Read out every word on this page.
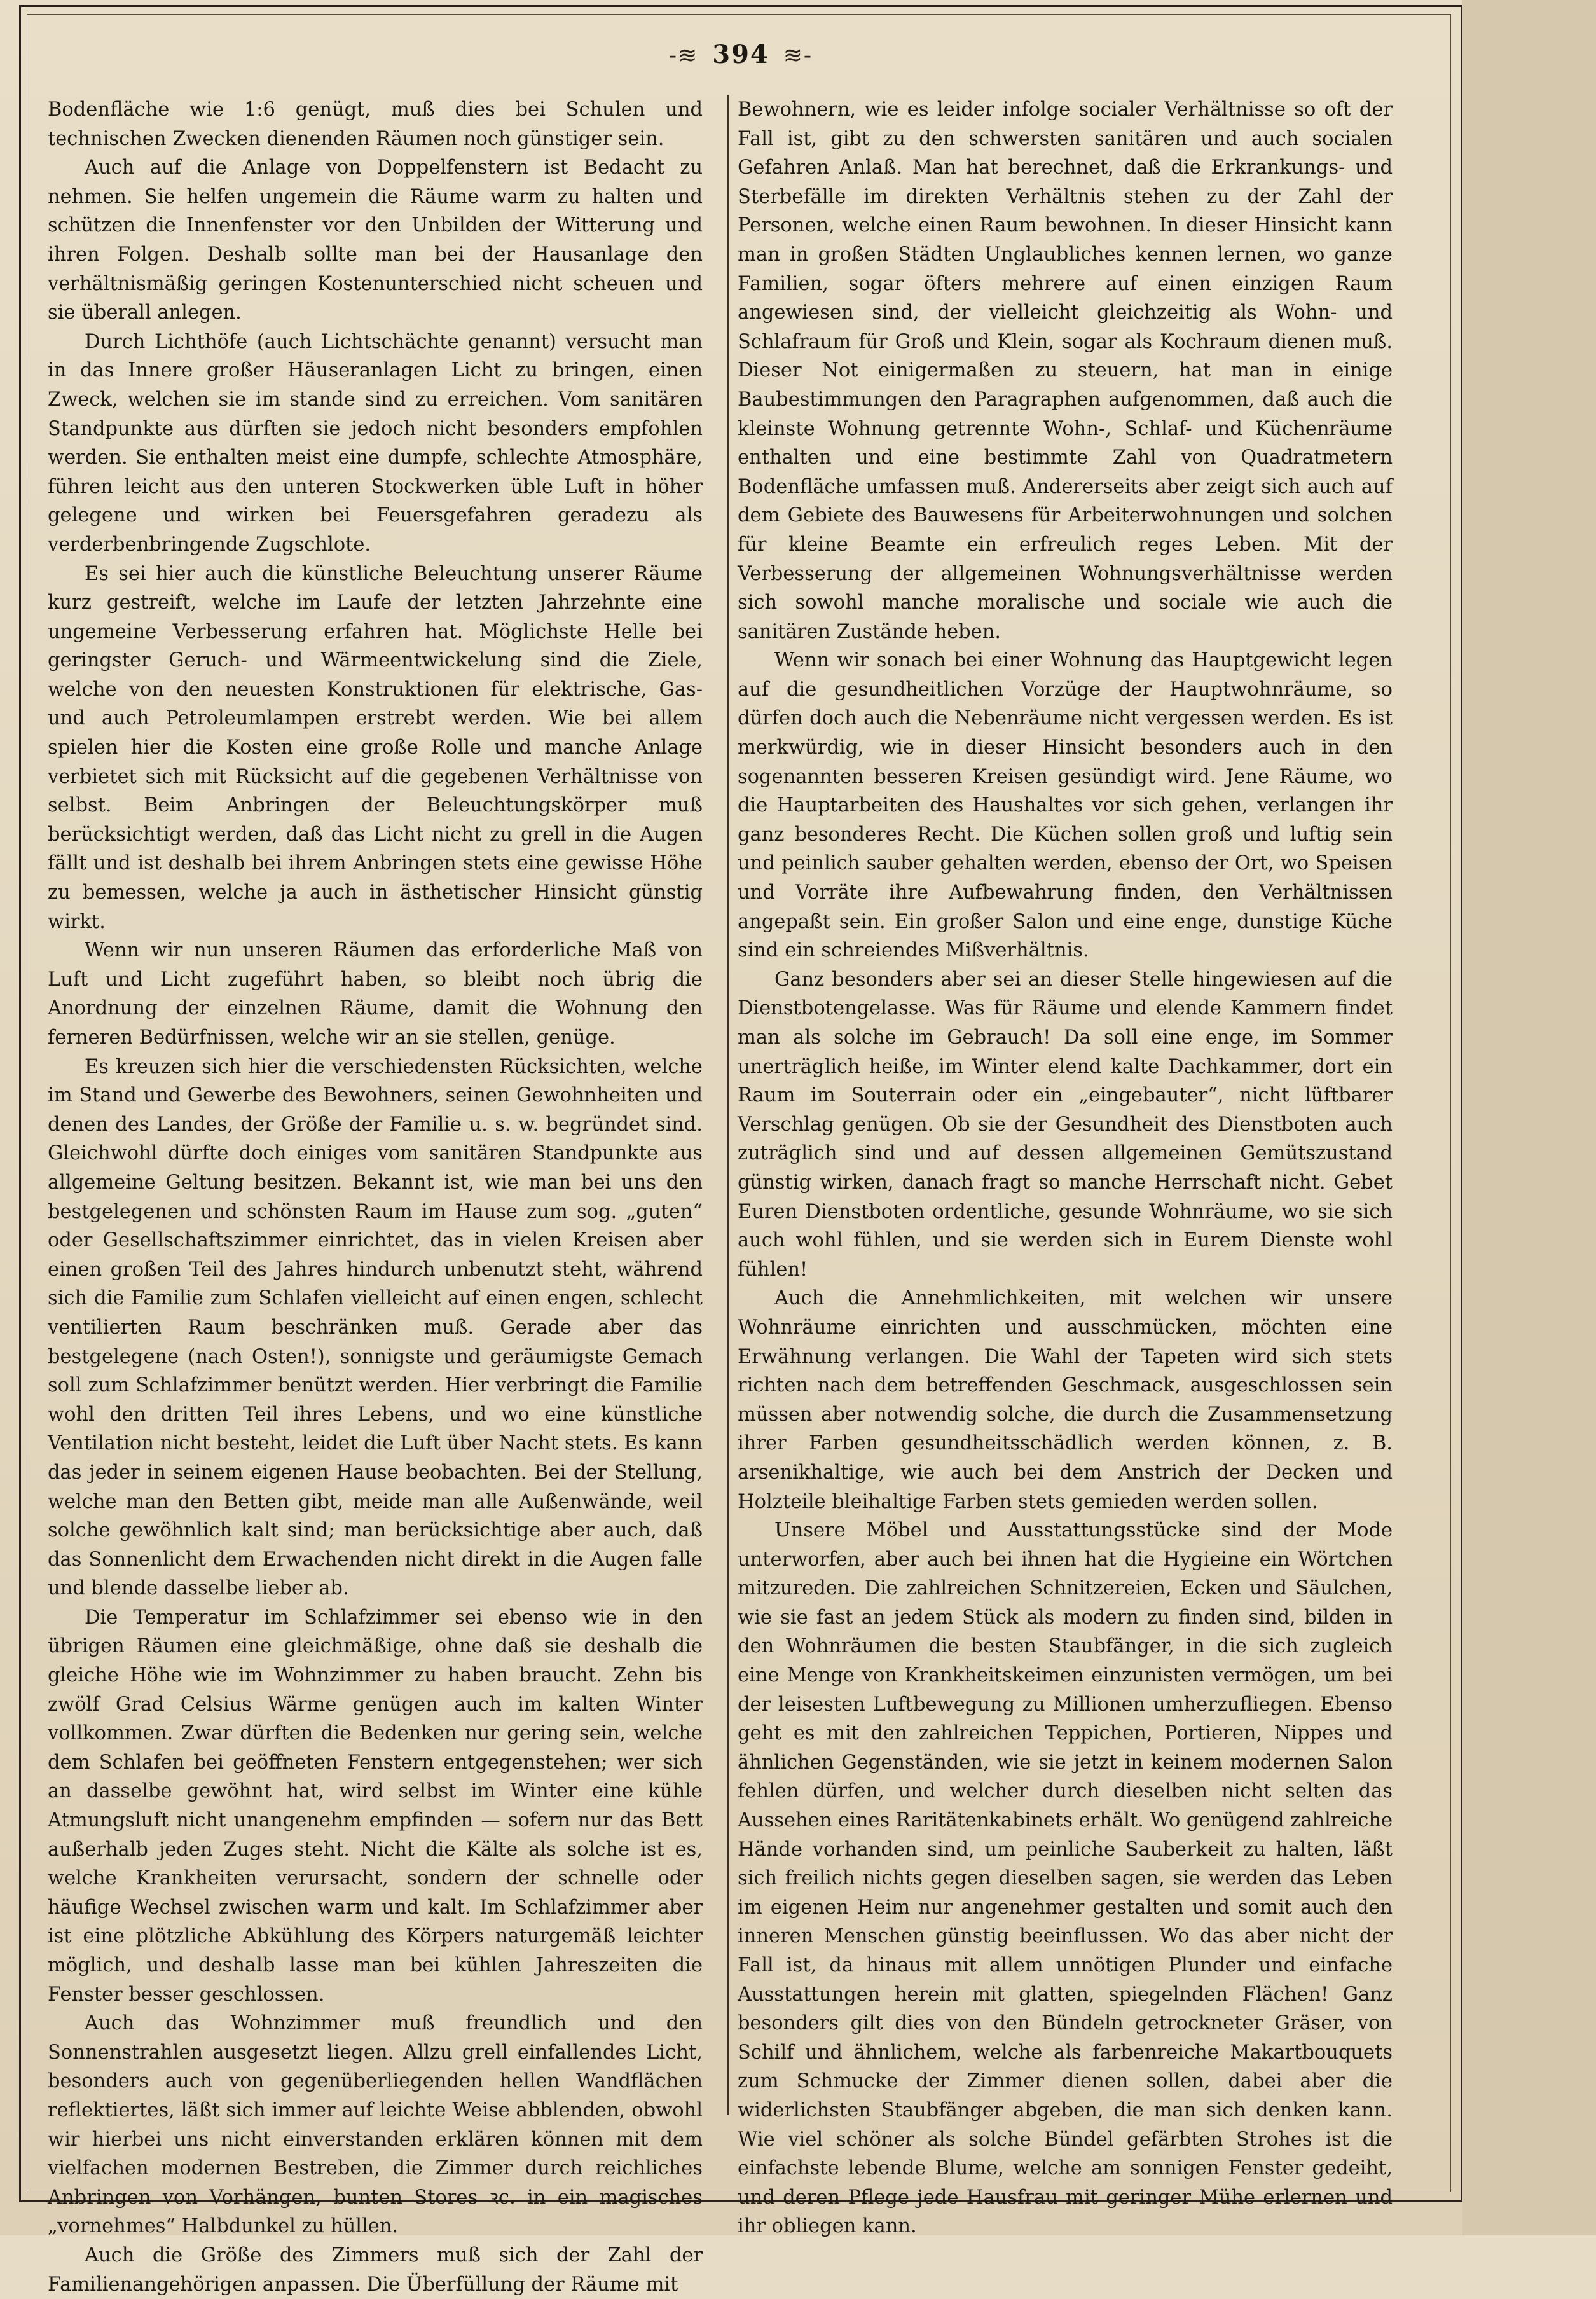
-≋ 394 ≋-

Bodenfläche wie 1:6 genügt, muß dies bei Schulen und technischen Zwecken dienenden Räumen noch günstiger sein.

Auch auf die Anlage von Doppelfenstern ist Bedacht zu nehmen. Sie helfen ungemein die Räume warm zu halten und schützen die Innenfenster vor den Unbilden der Witterung und ihren Folgen. Deshalb sollte man bei der Hausanlage den verhältnismäßig geringen Kostenunterschied nicht scheuen und sie überall anlegen.

Durch Lichthöfe (auch Lichtschächte genannt) versucht man in das Innere großer Häuseranlagen Licht zu bringen, einen Zweck, welchen sie im stande sind zu erreichen. Vom sanitären Standpunkte aus dürften sie jedoch nicht besonders empfohlen werden. Sie enthalten meist eine dumpfe, schlechte Atmosphäre, führen leicht aus den unteren Stockwerken üble Luft in höher gelegene und wirken bei Feuersgefahren geradezu als verderbenbringende Zugschlote.

Es sei hier auch die künstliche Beleuchtung unserer Räume kurz gestreift, welche im Laufe der letzten Jahrzehnte eine ungemeine Verbesserung erfahren hat. Möglichste Helle bei geringster Geruch- und Wärmeentwickelung sind die Ziele, welche von den neuesten Konstruktionen für elektrische, Gas- und auch Petroleumlampen erstrebt werden. Wie bei allem spielen hier die Kosten eine große Rolle und manche Anlage verbietet sich mit Rücksicht auf die gegebenen Verhältnisse von selbst. Beim Anbringen der Beleuchtungskörper muß berücksichtigt werden, daß das Licht nicht zu grell in die Augen fällt und ist deshalb bei ihrem Anbringen stets eine gewisse Höhe zu bemessen, welche ja auch in ästhetischer Hinsicht günstig wirkt.

Wenn wir nun unseren Räumen das erforderliche Maß von Luft und Licht zugeführt haben, so bleibt noch übrig die Anordnung der einzelnen Räume, damit die Wohnung den ferneren Bedürfnissen, welche wir an sie stellen, genüge.

Es kreuzen sich hier die verschiedensten Rücksichten, welche im Stand und Gewerbe des Bewohners, seinen Gewohnheiten und denen des Landes, der Größe der Familie u. s. w. begründet sind. Gleichwohl dürfte doch einiges vom sanitären Standpunkte aus allgemeine Geltung besitzen. Bekannt ist, wie man bei uns den bestgelegenen und schönsten Raum im Hause zum sog. „guten“ oder Gesellschaftszimmer einrichtet, das in vielen Kreisen aber einen großen Teil des Jahres hindurch unbenutzt steht, während sich die Familie zum Schlafen vielleicht auf einen engen, schlecht ventilierten Raum beschränken muß. Gerade aber das bestgelegene (nach Osten!), sonnigste und geräumigste Gemach soll zum Schlafzimmer benützt werden. Hier verbringt die Familie wohl den dritten Teil ihres Lebens, und wo eine künstliche Ventilation nicht besteht, leidet die Luft über Nacht stets. Es kann das jeder in seinem eigenen Hause beobachten. Bei der Stellung, welche man den Betten gibt, meide man alle Außenwände, weil solche gewöhnlich kalt sind; man berücksichtige aber auch, daß das Sonnenlicht dem Erwachenden nicht direkt in die Augen falle und blende dasselbe lieber ab.

Die Temperatur im Schlafzimmer sei ebenso wie in den übrigen Räumen eine gleichmäßige, ohne daß sie deshalb die gleiche Höhe wie im Wohnzimmer zu haben braucht. Zehn bis zwölf Grad Celsius Wärme genügen auch im kalten Winter vollkommen. Zwar dürften die Bedenken nur gering sein, welche dem Schlafen bei geöffneten Fenstern entgegenstehen; wer sich an dasselbe gewöhnt hat, wird selbst im Winter eine kühle Atmungsluft nicht unangenehm empfinden — sofern nur das Bett außerhalb jeden Zuges steht. Nicht die Kälte als solche ist es, welche Krankheiten verursacht, sondern der schnelle oder häufige Wechsel zwischen warm und kalt. Im Schlafzimmer aber ist eine plötzliche Abkühlung des Körpers naturgemäß leichter möglich, und deshalb lasse man bei kühlen Jahreszeiten die Fenster besser geschlossen.

Auch das Wohnzimmer muß freundlich und den Sonnenstrahlen ausgesetzt liegen. Allzu grell einfallendes Licht, besonders auch von gegenüberliegenden hellen Wandflächen reflektiertes, läßt sich immer auf leichte Weise abblenden, obwohl wir hierbei uns nicht einverstanden erklären können mit dem vielfachen modernen Bestreben, die Zimmer durch reichliches Anbringen von Vorhängen, bunten Stores ꝛc. in ein magisches „vornehmes“ Halbdunkel zu hüllen.

Auch die Größe des Zimmers muß sich der Zahl der Familienangehörigen anpassen. Die Überfüllung der Räume mit

Bewohnern, wie es leider infolge socialer Verhältnisse so oft der Fall ist, gibt zu den schwersten sanitären und auch socialen Gefahren Anlaß. Man hat berechnet, daß die Erkrankungs- und Sterbefälle im direkten Verhältnis stehen zu der Zahl der Personen, welche einen Raum bewohnen. In dieser Hinsicht kann man in großen Städten Unglaubliches kennen lernen, wo ganze Familien, sogar öfters mehrere auf einen einzigen Raum angewiesen sind, der vielleicht gleichzeitig als Wohn- und Schlafraum für Groß und Klein, sogar als Kochraum dienen muß. Dieser Not einigermaßen zu steuern, hat man in einige Baubestimmungen den Paragraphen aufgenommen, daß auch die kleinste Wohnung getrennte Wohn-, Schlaf- und Küchenräume enthalten und eine bestimmte Zahl von Quadratmetern Bodenfläche umfassen muß. Andererseits aber zeigt sich auch auf dem Gebiete des Bauwesens für Arbeiterwohnungen und solchen für kleine Beamte ein erfreulich reges Leben. Mit der Verbesserung der allgemeinen Wohnungsverhältnisse werden sich sowohl manche moralische und sociale wie auch die sanitären Zustände heben.

Wenn wir sonach bei einer Wohnung das Hauptgewicht legen auf die gesundheitlichen Vorzüge der Hauptwohnräume, so dürfen doch auch die Nebenräume nicht vergessen werden. Es ist merkwürdig, wie in dieser Hinsicht besonders auch in den sogenannten besseren Kreisen gesündigt wird. Jene Räume, wo die Hauptarbeiten des Haushaltes vor sich gehen, verlangen ihr ganz besonderes Recht. Die Küchen sollen groß und luftig sein und peinlich sauber gehalten werden, ebenso der Ort, wo Speisen und Vorräte ihre Aufbewahrung finden, den Verhältnissen angepaßt sein. Ein großer Salon und eine enge, dunstige Küche sind ein schreiendes Mißverhältnis.

Ganz besonders aber sei an dieser Stelle hingewiesen auf die Dienstbotengelasse. Was für Räume und elende Kammern findet man als solche im Gebrauch! Da soll eine enge, im Sommer unerträglich heiße, im Winter elend kalte Dachkammer, dort ein Raum im Souterrain oder ein „eingebauter“, nicht lüftbarer Verschlag genügen. Ob sie der Gesundheit des Dienstboten auch zuträglich sind und auf dessen allgemeinen Gemütszustand günstig wirken, danach fragt so manche Herrschaft nicht. Gebet Euren Dienstboten ordentliche, gesunde Wohnräume, wo sie sich auch wohl fühlen, und sie werden sich in Eurem Dienste wohl fühlen!

Auch die Annehmlichkeiten, mit welchen wir unsere Wohnräume einrichten und ausschmücken, möchten eine Erwähnung verlangen. Die Wahl der Tapeten wird sich stets richten nach dem betreffenden Geschmack, ausgeschlossen sein müssen aber notwendig solche, die durch die Zusammensetzung ihrer Farben gesundheitsschädlich werden können, z. B. arsenikhaltige, wie auch bei dem Anstrich der Decken und Holzteile bleihaltige Farben stets gemieden werden sollen.

Unsere Möbel und Ausstattungsstücke sind der Mode unterworfen, aber auch bei ihnen hat die Hygieine ein Wörtchen mitzureden. Die zahlreichen Schnitzereien, Ecken und Säulchen, wie sie fast an jedem Stück als modern zu finden sind, bilden in den Wohnräumen die besten Staubfänger, in die sich zugleich eine Menge von Krankheitskeimen einzunisten vermögen, um bei der leisesten Luftbewegung zu Millionen umherzufliegen. Ebenso geht es mit den zahlreichen Teppichen, Portieren, Nippes und ähnlichen Gegenständen, wie sie jetzt in keinem modernen Salon fehlen dürfen, und welcher durch dieselben nicht selten das Aussehen eines Raritätenkabinets erhält. Wo genügend zahlreiche Hände vorhanden sind, um peinliche Sauberkeit zu halten, läßt sich freilich nichts gegen dieselben sagen, sie werden das Leben im eigenen Heim nur angenehmer gestalten und somit auch den inneren Menschen günstig beeinflussen. Wo das aber nicht der Fall ist, da hinaus mit allem unnötigen Plunder und einfache Ausstattungen herein mit glatten, spiegelnden Flächen! Ganz besonders gilt dies von den Bündeln getrockneter Gräser, von Schilf und ähnlichem, welche als farbenreiche Makartbouquets zum Schmucke der Zimmer dienen sollen, dabei aber die widerlichsten Staubfänger abgeben, die man sich denken kann. Wie viel schöner als solche Bündel gefärbten Strohes ist die einfachste lebende Blume, welche am sonnigen Fenster gedeiht, und deren Pflege jede Hausfrau mit geringer Mühe erlernen und ihr obliegen kann.
